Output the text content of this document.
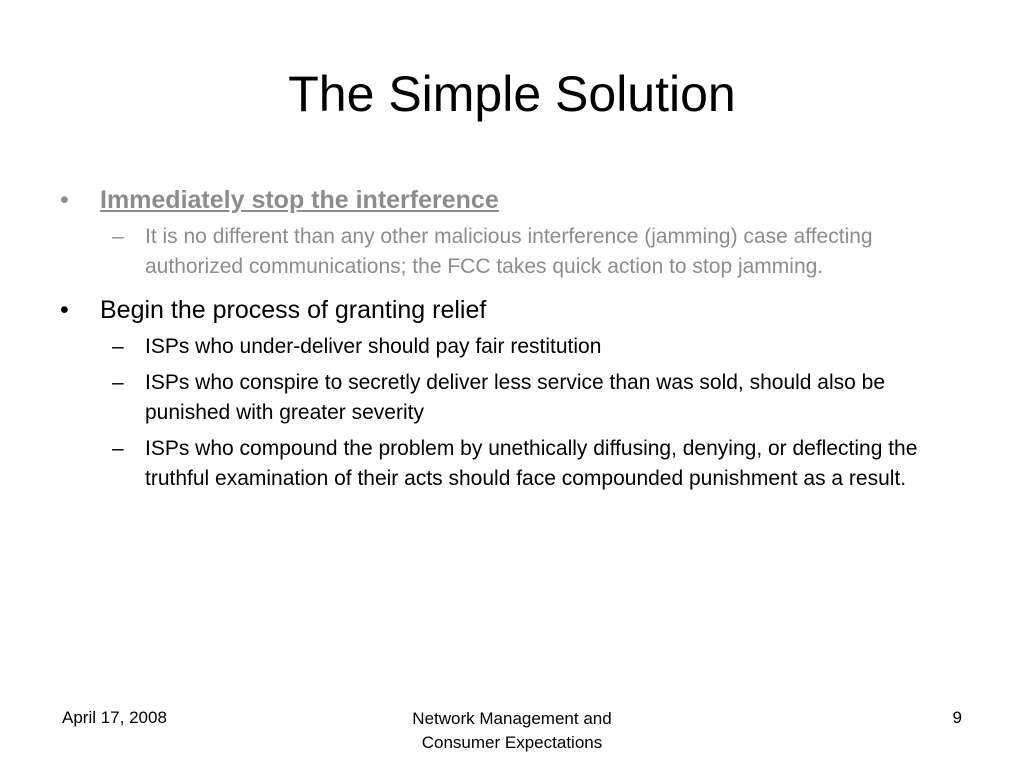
The Simple Solution
•	Immediately stop the interference
– It is no different than any other malicious interference (jamming) case affecting authorized communications; the FCC takes quick action to stop jamming.
•	Begin the process of granting relief
– ISPs who under-deliver should pay fair restitution
– ISPs who conspire to secretly deliver less service than was sold, should also be punished with greater severity
– ISPs who compound the problem by unethically diffusing, denying, or deflecting the truthful examination of their acts should face compounded punishment as a result.
April 17, 2008	Network Management and
Consumer Expectations
9
